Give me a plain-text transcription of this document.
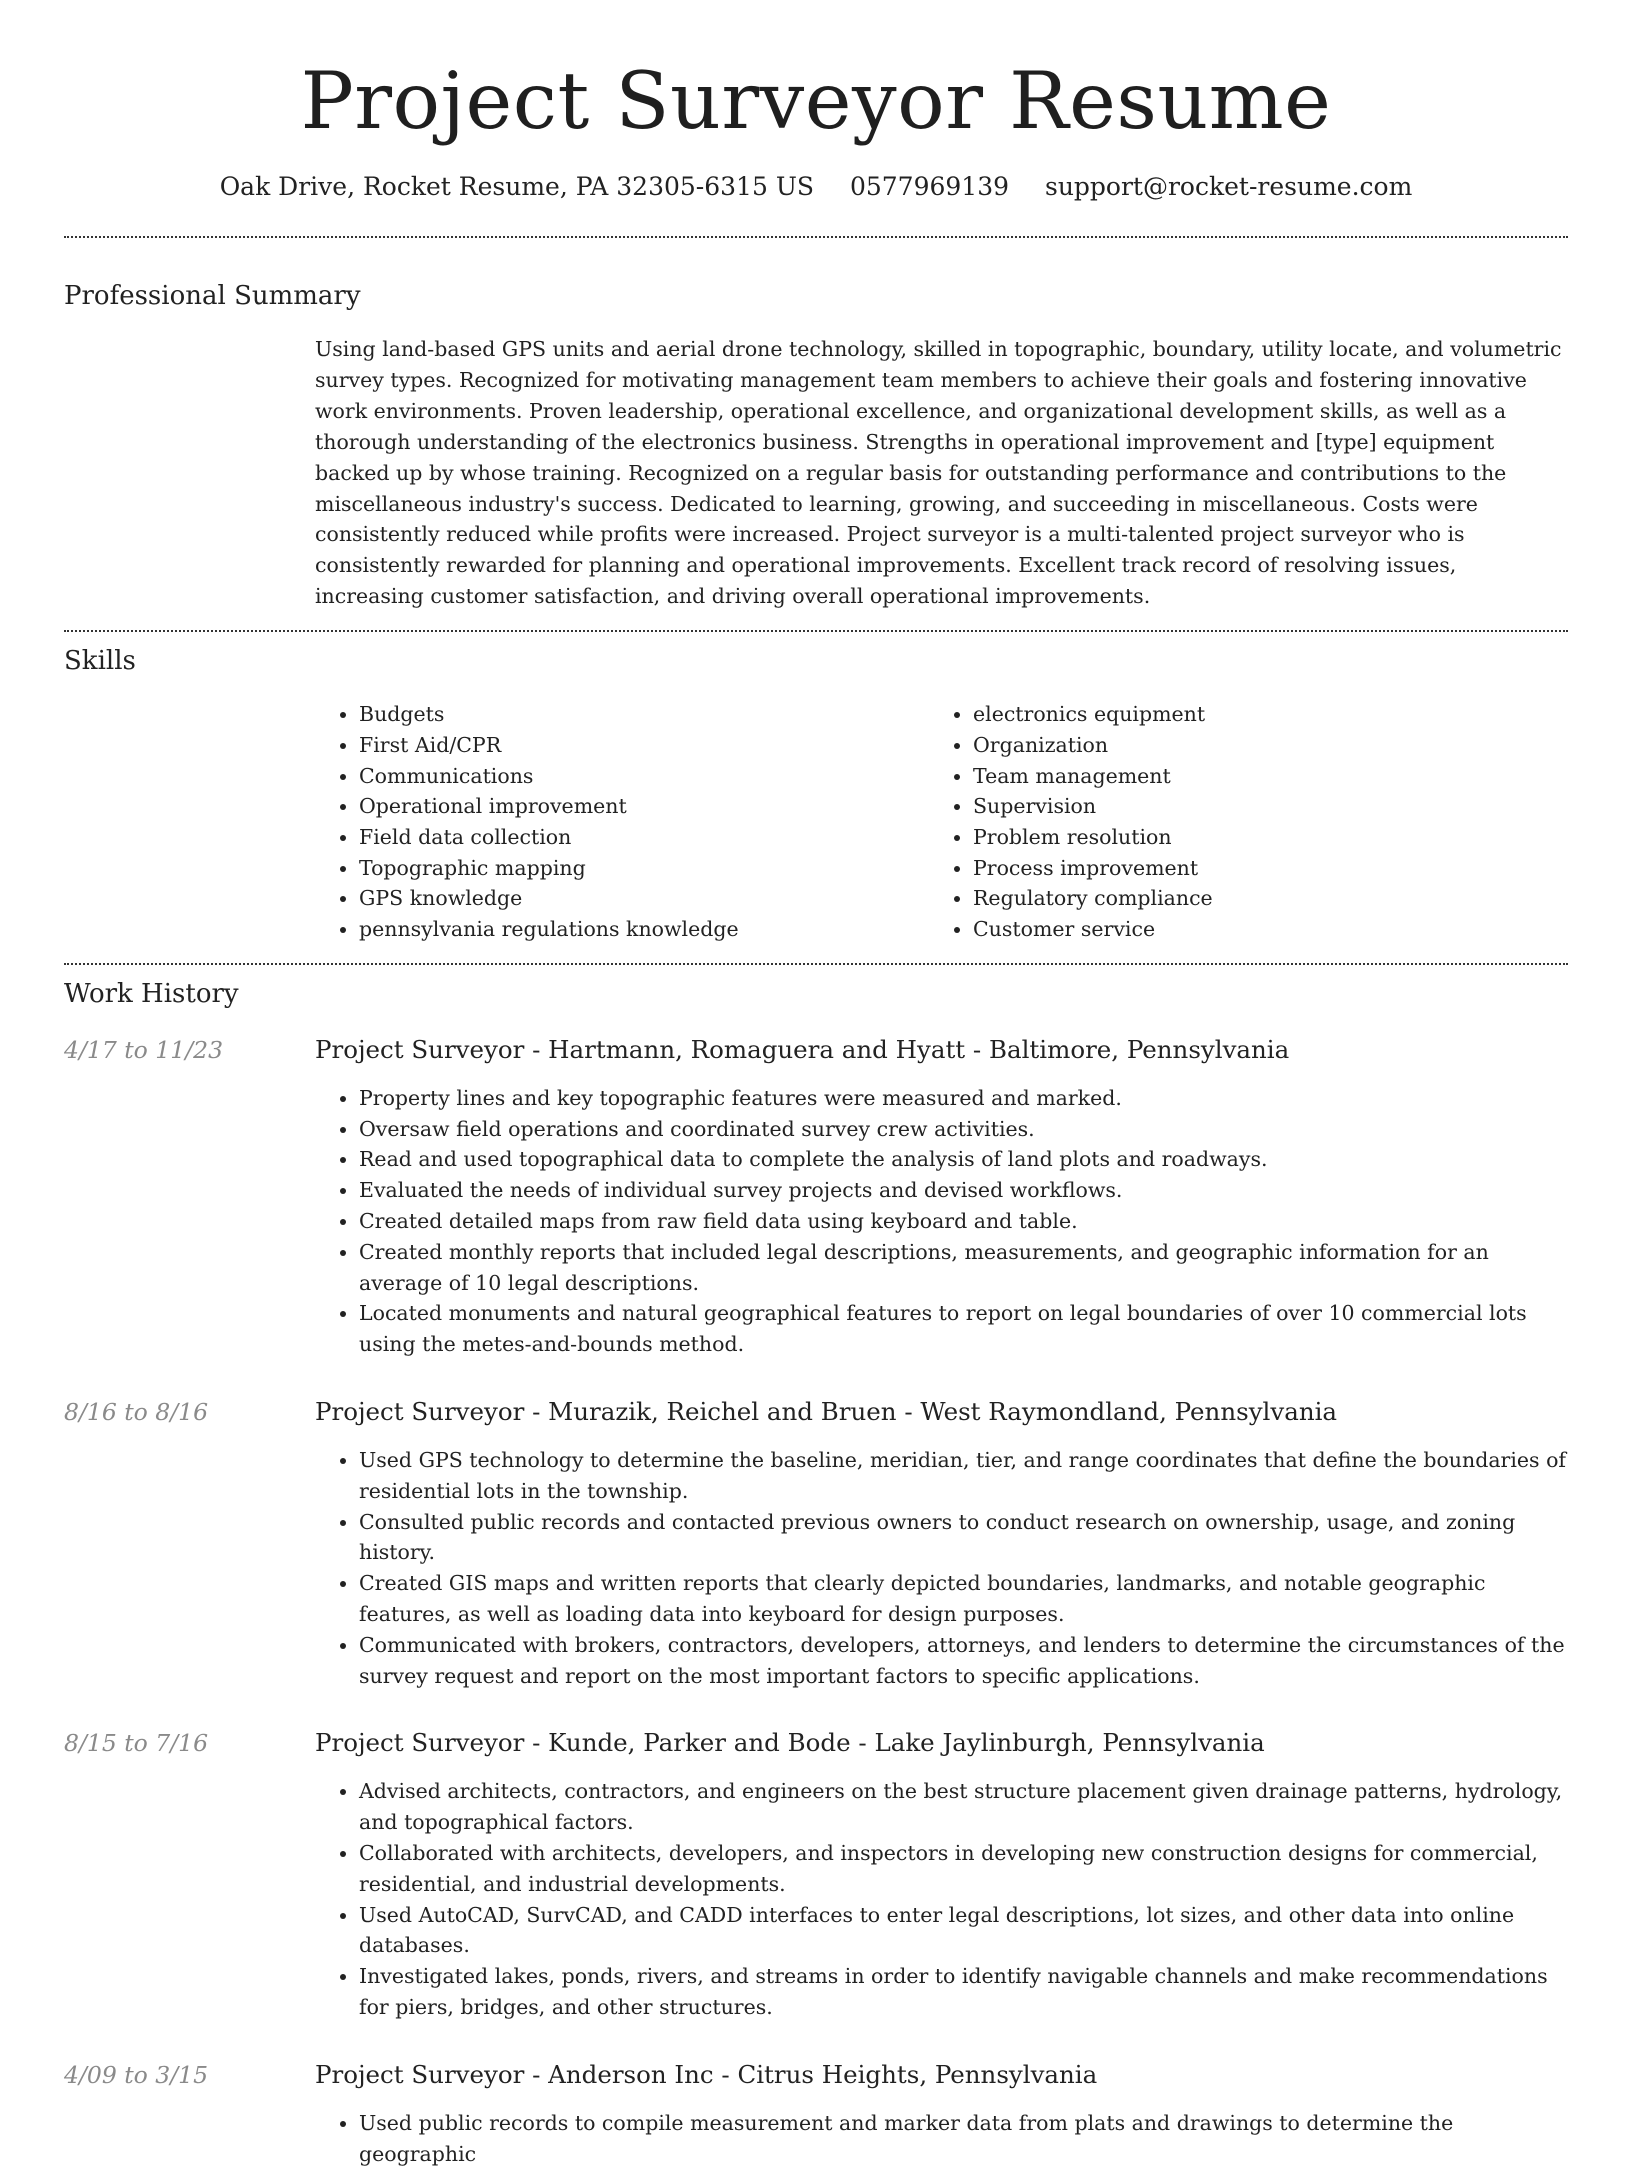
Project Surveyor Resume
Oak Drive, Rocket Resume, PA 32305-6315 US 0577969139 support@rocket-resume.com
Professional Summary

Using land-based GPS units and aerial drone technology, skilled in topographic, boundary, utility locate, and volumetric survey types. Recognized for motivating management team members to achieve their goals and fostering innovative work environments. Proven leadership, operational excellence, and organizational development skills, as well as a thorough understanding of the electronics business. Strengths in operational improvement and [type] equipment backed up by whose training. Recognized on a regular basis for outstanding performance and contributions to the miscellaneous industry's success. Dedicated to learning, growing, and succeeding in miscellaneous. Costs were consistently reduced while profits were increased. Project surveyor is a multi-talented project surveyor who is consistently rewarded for planning and operational improvements. Excellent track record of resolving issues, increasing customer satisfaction, and driving overall operational improvements.

Skills
• Budgets
• First Aid/CPR
• Communications
• Operational improvement
• Field data collection
• Topographic mapping
• GPS knowledge
• pennsylvania regulations knowledge
• electronics equipment
• Organization
• Team management
• Supervision
• Problem resolution
• Process improvement
• Regulatory compliance
• Customer service
Work History
4/17 to 11/23	Project Surveyor - Hartmann, Romaguera and Hyatt - Baltimore, Pennsylvania
• Property lines and key topographic features were measured and marked.
• Oversaw field operations and coordinated survey crew activities.
• Read and used topographical data to complete the analysis of land plots and roadways.
• Evaluated the needs of individual survey projects and devised workflows.
• Created detailed maps from raw field data using keyboard and table.
• Created monthly reports that included legal descriptions, measurements, and geographic information for an average of 10 legal descriptions.
• Located monuments and natural geographical features to report on legal boundaries of over 10 commercial lots using the metes-and-bounds method.
8/16 to 8/16	Project Surveyor - Murazik, Reichel and Bruen - West Raymondland, Pennsylvania
• Used GPS technology to determine the baseline, meridian, tier, and range coordinates that define the boundaries of residential lots in the township.
• Consulted public records and contacted previous owners to conduct research on ownership, usage, and zoning history.
• Created GIS maps and written reports that clearly depicted boundaries, landmarks, and notable geographic features, as well as loading data into keyboard for design purposes.
• Communicated with brokers, contractors, developers, attorneys, and lenders to determine the circumstances of the survey request and report on the most important factors to specific applications.
8/15 to 7/16	Project Surveyor - Kunde, Parker and Bode - Lake Jaylinburgh, Pennsylvania
• Advised architects, contractors, and engineers on the best structure placement given drainage patterns, hydrology, and topographical factors.
• Collaborated with architects, developers, and inspectors in developing new construction designs for commercial, residential, and industrial developments.
• Used AutoCAD, SurvCAD, and CADD interfaces to enter legal descriptions, lot sizes, and other data into online databases.
• Investigated lakes, ponds, rivers, and streams in order to identify navigable channels and make recommendations for piers, bridges, and other structures.
4/09 to 3/15	Project Surveyor - Anderson Inc - Citrus Heights, Pennsylvania
• Used public records to compile measurement and marker data from plats and drawings to determine the geographic
